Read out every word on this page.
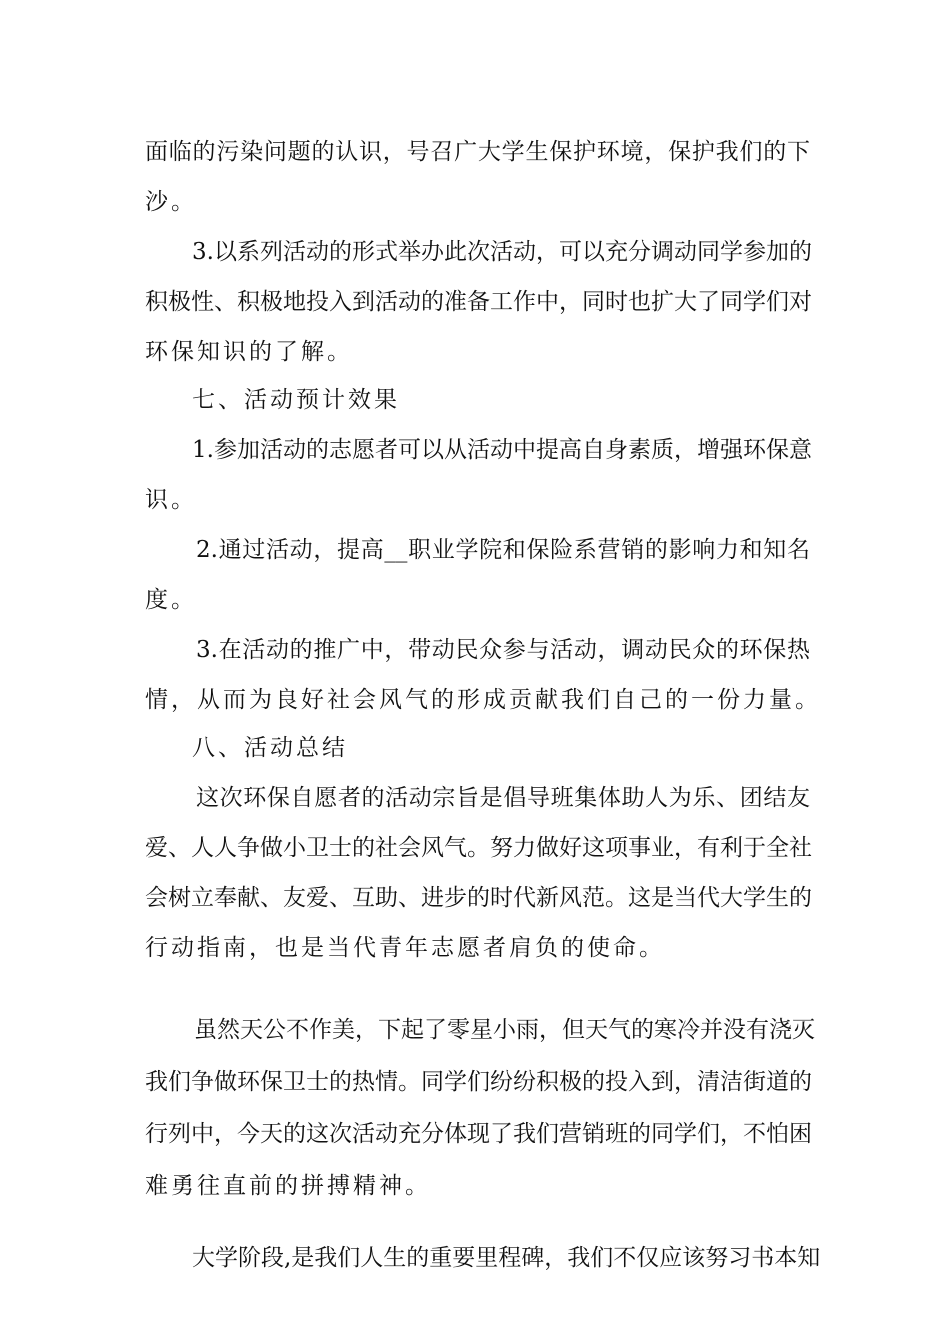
面临的污染问题的认识，号召广大学生保护环境，保护我们的下
沙。
3.以系列活动的形式举办此次活动，可以充分调动同学参加的
积极性、积极地投入到活动的准备工作中，同时也扩大了同学们对
环保知识的了解。
七、活动预计效果
1.参加活动的志愿者可以从活动中提高自身素质，增强环保意
识。
2.通过活动，提高__职业学院和保险系营销的影响力和知名
度。
3.在活动的推广中，带动民众参与活动，调动民众的环保热
情，从而为良好社会风气的形成贡献我们自己的一份力量。
八、活动总结
这次环保自愿者的活动宗旨是倡导班集体助人为乐、团结友
爱、人人争做小卫士的社会风气。努力做好这项事业，有利于全社
会树立奉献、友爱、互助、进步的时代新风范。这是当代大学生的
行动指南，也是当代青年志愿者肩负的使命。
虽然天公不作美，下起了零星小雨，但天气的寒冷并没有浇灭
我们争做环保卫士的热情。同学们纷纷积极的投入到，清洁街道的
行列中，今天的这次活动充分体现了我们营销班的同学们，不怕困
难勇往直前的拼搏精神。
大学阶段,是我们人生的重要里程碑，我们不仅应该努习书本知
